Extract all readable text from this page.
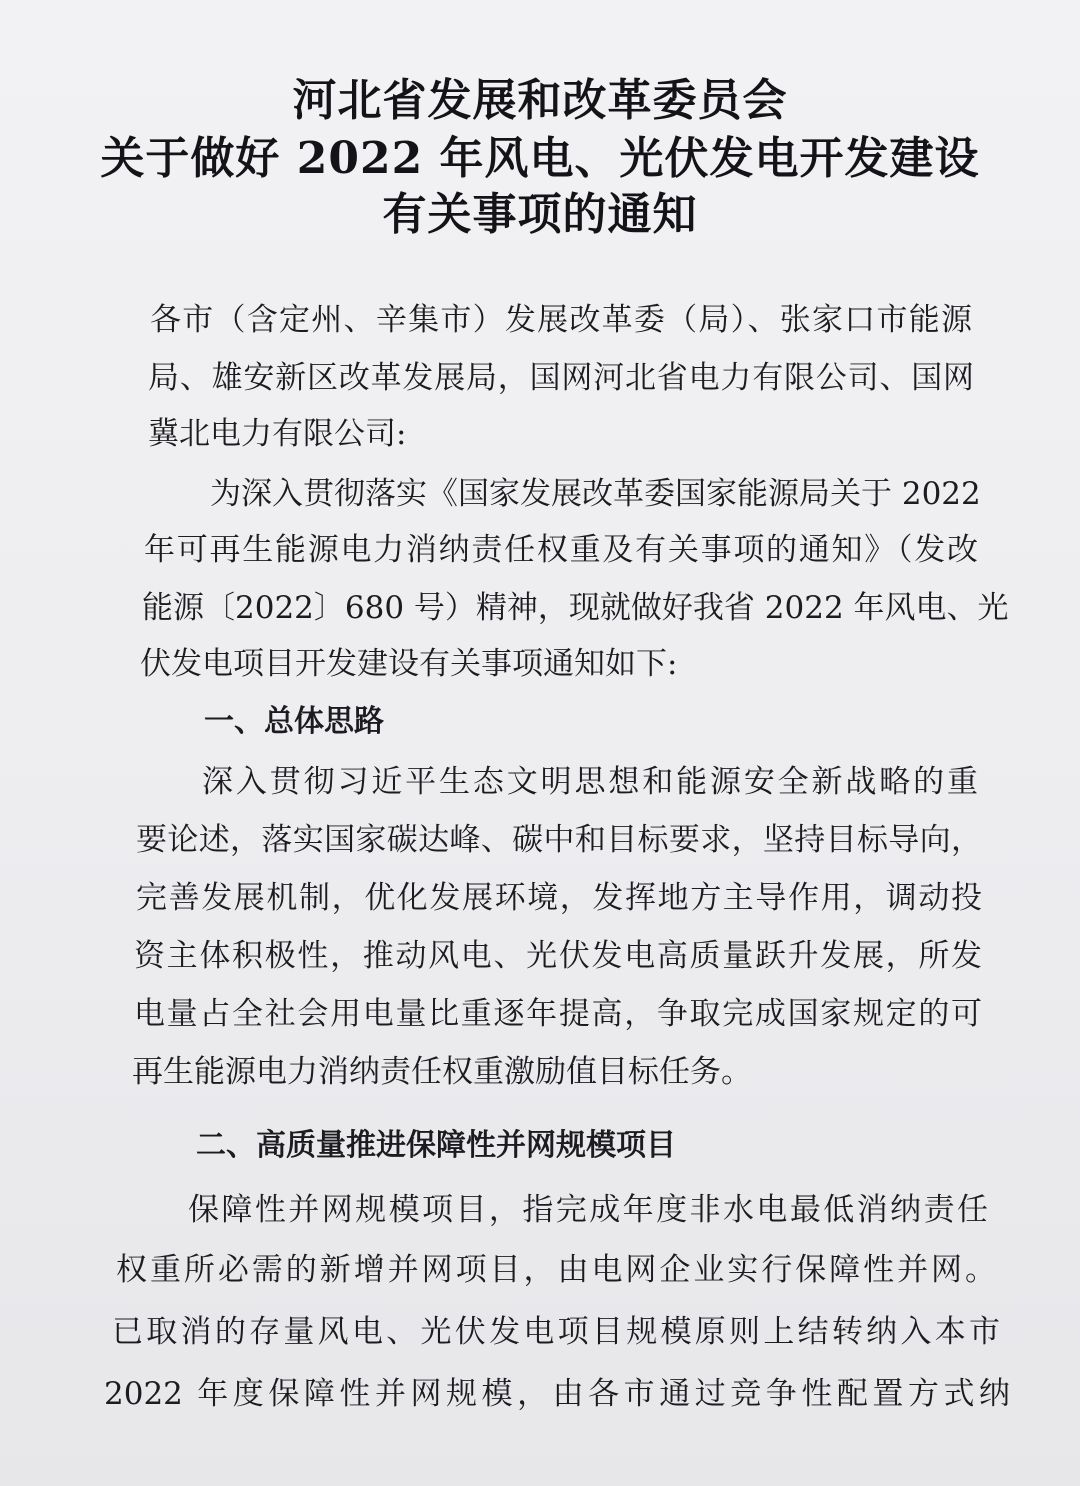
河北省发展和改革委员会
关于做好 2022 年风电、光伏发电开发建设
有关事项的通知
各市（含定州、辛集市）发展改革委（局）、张家口市能源
局、雄安新区改革发展局，国网河北省电力有限公司、国网
冀北电力有限公司:
为深入贯彻落实《国家发展改革委国家能源局关于 2022
年可再生能源电力消纳责任权重及有关事项的通知》（发改
能源〔2022〕680 号）精神，现就做好我省 2022 年风电、光
伏发电项目开发建设有关事项通知如下:
一、总体思路
深入贯彻习近平生态文明思想和能源安全新战略的重
要论述，落实国家碳达峰、碳中和目标要求，坚持目标导向，
完善发展机制，优化发展环境，发挥地方主导作用，调动投
资主体积极性，推动风电、光伏发电高质量跃升发展，所发
电量占全社会用电量比重逐年提高，争取完成国家规定的可
再生能源电力消纳责任权重激励值目标任务。
二、高质量推进保障性并网规模项目
保障性并网规模项目，指完成年度非水电最低消纳责任
权重所必需的新增并网项目，由电网企业实行保障性并网。
已取消的存量风电、光伏发电项目规模原则上结转纳入本市
2022 年度保障性并网规模，由各市通过竞争性配置方式纳
